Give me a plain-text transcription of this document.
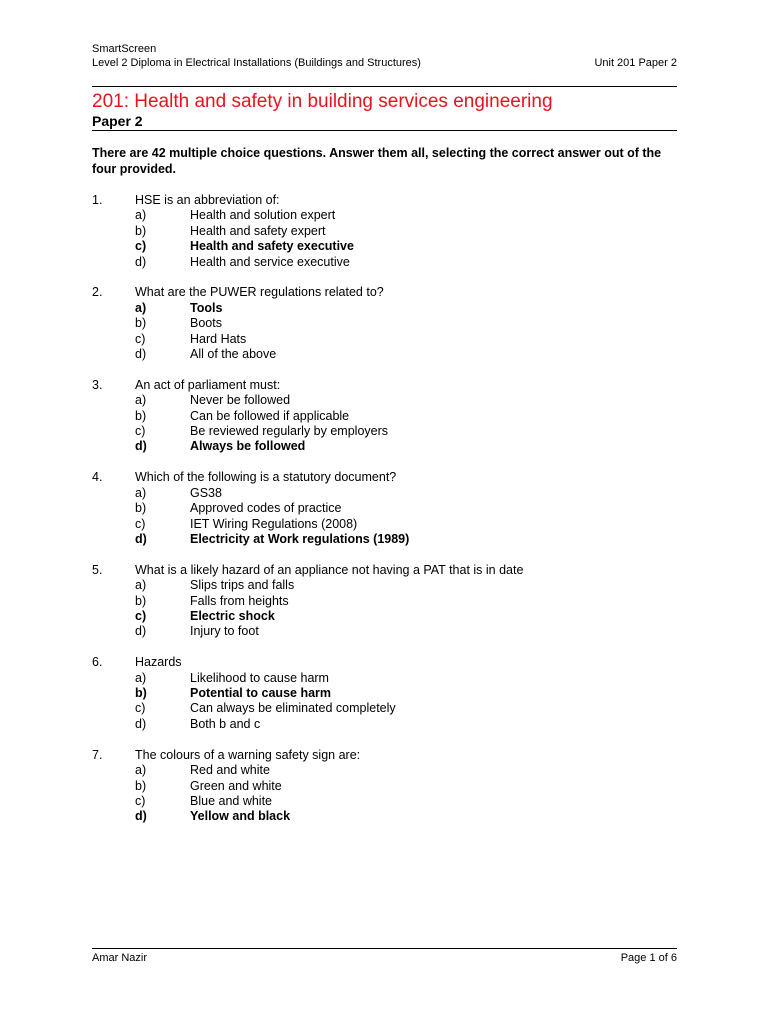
SmartScreen
Level 2 Diploma in Electrical Installations (Buildings and Structures)	Unit 201 Paper 2
201: Health and safety in building services engineering
Paper 2
There are 42 multiple choice questions. Answer them all, selecting the correct answer out of the four provided.
1.	HSE is an abbreviation of:
a)	Health and solution expert
b)	Health and safety expert
c)	Health and safety executive
d)	Health and service executive
2.	What are the PUWER regulations related to?
a)	Tools
b)	Boots
c)	Hard Hats
d)	All of the above
3.	An act of parliament must:
a)	Never be followed
b)	Can be followed if applicable
c)	Be reviewed regularly by employers
d)	Always be followed
4.	Which of the following is a statutory document?
a)	GS38
b)	Approved codes of practice
c)	IET Wiring Regulations (2008)
d)	Electricity at Work regulations (1989)
5.	What is a likely hazard of an appliance not having a PAT that is in date
a)	Slips trips and falls
b)	Falls from heights
c)	Electric shock
d)	Injury to foot
6.	Hazards
a)	Likelihood to cause harm
b)	Potential to cause harm
c)	Can always be eliminated completely
d)	Both b and c
7.	The colours of a warning safety sign are:
a)	Red and white
b)	Green and white
c)	Blue and white
d)	Yellow and black
Amar Nazir	Page 1 of 6
